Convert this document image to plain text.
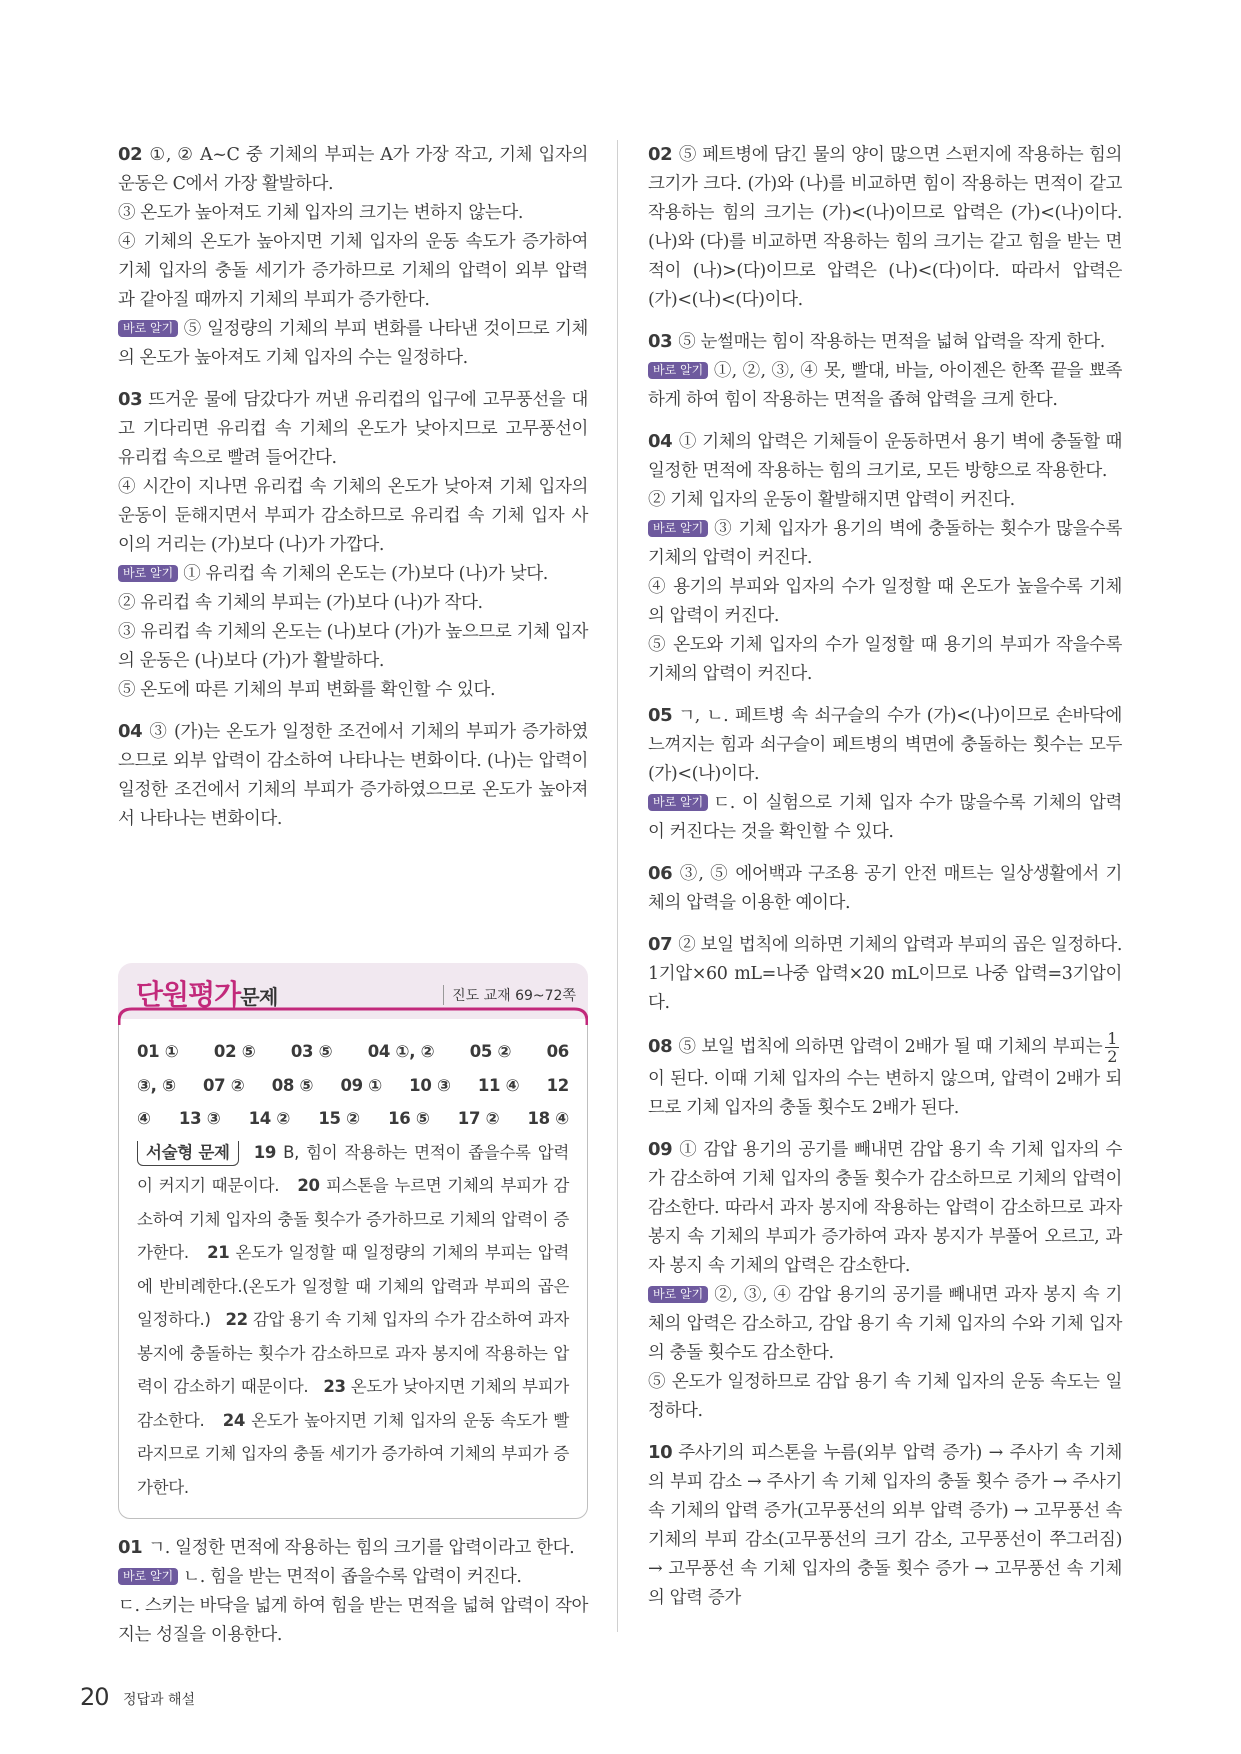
02 ①, ② A~C 중 기체의 부피는 A가 가장 작고, 기체 입자의 운동은 C에서 가장 활발하다.

③ 온도가 높아져도 기체 입자의 크기는 변하지 않는다.

④ 기체의 온도가 높아지면 기체 입자의 운동 속도가 증가하여 기체 입자의 충돌 세기가 증가하므로 기체의 압력이 외부 압력과 같아질 때까지 기체의 부피가 증가한다.

바로 알기 ⑤ 일정량의 기체의 부피 변화를 나타낸 것이므로 기체의 온도가 높아져도 기체 입자의 수는 일정하다.

03 뜨거운 물에 담갔다가 꺼낸 유리컵의 입구에 고무풍선을 대고 기다리면 유리컵 속 기체의 온도가 낮아지므로 고무풍선이 유리컵 속으로 빨려 들어간다.

④ 시간이 지나면 유리컵 속 기체의 온도가 낮아져 기체 입자의 운동이 둔해지면서 부피가 감소하므로 유리컵 속 기체 입자 사이의 거리는 (가)보다 (나)가 가깝다.

바로 알기 ① 유리컵 속 기체의 온도는 (가)보다 (나)가 낮다.

② 유리컵 속 기체의 부피는 (가)보다 (나)가 작다.

③ 유리컵 속 기체의 온도는 (나)보다 (가)가 높으므로 기체 입자의 운동은 (나)보다 (가)가 활발하다.

⑤ 온도에 따른 기체의 부피 변화를 확인할 수 있다.

04 ③ (가)는 온도가 일정한 조건에서 기체의 부피가 증가하였으므로 외부 압력이 감소하여 나타나는 변화이다. (나)는 압력이 일정한 조건에서 기체의 부피가 증가하였으므로 온도가 높아져서 나타나는 변화이다.

단원평가문제	진도 교재 69~72쪽

01 ① 02 ⑤ 03 ⑤ 04 ①, ② 05 ② 06

③, ⑤ 07 ② 08 ⑤ 09 ① 10 ③ 11 ④ 12

④ 13 ③ 14 ② 15 ② 16 ⑤ 17 ② 18 ④

서술형 문제 19 B, 힘이 작용하는 면적이 좁을수록 압력이 커지기 때문이다. 20 피스톤을 누르면 기체의 부피가 감소하여 기체 입자의 충돌 횟수가 증가하므로 기체의 압력이 증가한다. 21 온도가 일정할 때 일정량의 기체의 부피는 압력에 반비례한다.(온도가 일정할 때 기체의 압력과 부피의 곱은 일정하다.) 22 감압 용기 속 기체 입자의 수가 감소하여 과자 봉지에 충돌하는 횟수가 감소하므로 과자 봉지에 작용하는 압력이 감소하기 때문이다. 23 온도가 낮아지면 기체의 부피가 감소한다. 24 온도가 높아지면 기체 입자의 운동 속도가 빨라지므로 기체 입자의 충돌 세기가 증가하여 기체의 부피가 증가한다.

01 ㄱ. 일정한 면적에 작용하는 힘의 크기를 압력이라고 한다.

바로 알기 ㄴ. 힘을 받는 면적이 좁을수록 압력이 커진다.

ㄷ. 스키는 바닥을 넓게 하여 힘을 받는 면적을 넓혀 압력이 작아지는 성질을 이용한다.

02 ⑤ 페트병에 담긴 물의 양이 많으면 스펀지에 작용하는 힘의 크기가 크다. (가)와 (나)를 비교하면 힘이 작용하는 면적이 같고 작용하는 힘의 크기는 (가)<(나)이므로 압력은 (가)<(나)이다. (나)와 (다)를 비교하면 작용하는 힘의 크기는 같고 힘을 받는 면적이 (나)>(다)이므로 압력은 (나)<(다)이다. 따라서 압력은 (가)<(나)<(다)이다.

03 ⑤ 눈썰매는 힘이 작용하는 면적을 넓혀 압력을 작게 한다.

바로 알기 ①, ②, ③, ④ 못, 빨대, 바늘, 아이젠은 한쪽 끝을 뾰족하게 하여 힘이 작용하는 면적을 좁혀 압력을 크게 한다.

04 ① 기체의 압력은 기체들이 운동하면서 용기 벽에 충돌할 때 일정한 면적에 작용하는 힘의 크기로, 모든 방향으로 작용한다.

② 기체 입자의 운동이 활발해지면 압력이 커진다.

바로 알기 ③ 기체 입자가 용기의 벽에 충돌하는 횟수가 많을수록 기체의 압력이 커진다.

④ 용기의 부피와 입자의 수가 일정할 때 온도가 높을수록 기체의 압력이 커진다.

⑤ 온도와 기체 입자의 수가 일정할 때 용기의 부피가 작을수록 기체의 압력이 커진다.

05 ㄱ, ㄴ. 페트병 속 쇠구슬의 수가 (가)<(나)이므로 손바닥에 느껴지는 힘과 쇠구슬이 페트병의 벽면에 충돌하는 횟수는 모두 (가)<(나)이다.

바로 알기 ㄷ. 이 실험으로 기체 입자 수가 많을수록 기체의 압력이 커진다는 것을 확인할 수 있다.

06 ③, ⑤ 에어백과 구조용 공기 안전 매트는 일상생활에서 기체의 압력을 이용한 예이다.

07 ② 보일 법칙에 의하면 기체의 압력과 부피의 곱은 일정하다. 1기압×60 mL=나중 압력×20 mL이므로 나중 압력=3기압이다.

08 ⑤ 보일 법칙에 의하면 압력이 2배가 될 때 기체의 부피는 $\frac{1}{2}$
이 된다. 이때 기체 입자의 수는 변하지 않으며, 압력이 2배가 되므로 기체 입자의 충돌 횟수도 2배가 된다.

09 ① 감압 용기의 공기를 빼내면 감압 용기 속 기체 입자의 수가 감소하여 기체 입자의 충돌 횟수가 감소하므로 기체의 압력이 감소한다. 따라서 과자 봉지에 작용하는 압력이 감소하므로 과자 봉지 속 기체의 부피가 증가하여 과자 봉지가 부풀어 오르고, 과자 봉지 속 기체의 압력은 감소한다.

바로 알기 ②, ③, ④ 감압 용기의 공기를 빼내면 과자 봉지 속 기체의 압력은 감소하고, 감압 용기 속 기체 입자의 수와 기체 입자의 충돌 횟수도 감소한다.

⑤ 온도가 일정하므로 감압 용기 속 기체 입자의 운동 속도는 일정하다.

10 주사기의 피스톤을 누름(외부 압력 증가) → 주사기 속 기체의 부피 감소 → 주사기 속 기체 입자의 충돌 횟수 증가 → 주사기 속 기체의 압력 증가(고무풍선의 외부 압력 증가) → 고무풍선 속 기체의 부피 감소(고무풍선의 크기 감소, 고무풍선이 쭈그러짐) → 고무풍선 속 기체 입자의 충돌 횟수 증가 → 고무풍선 속 기체의 압력 증가

20 정답과 해설
